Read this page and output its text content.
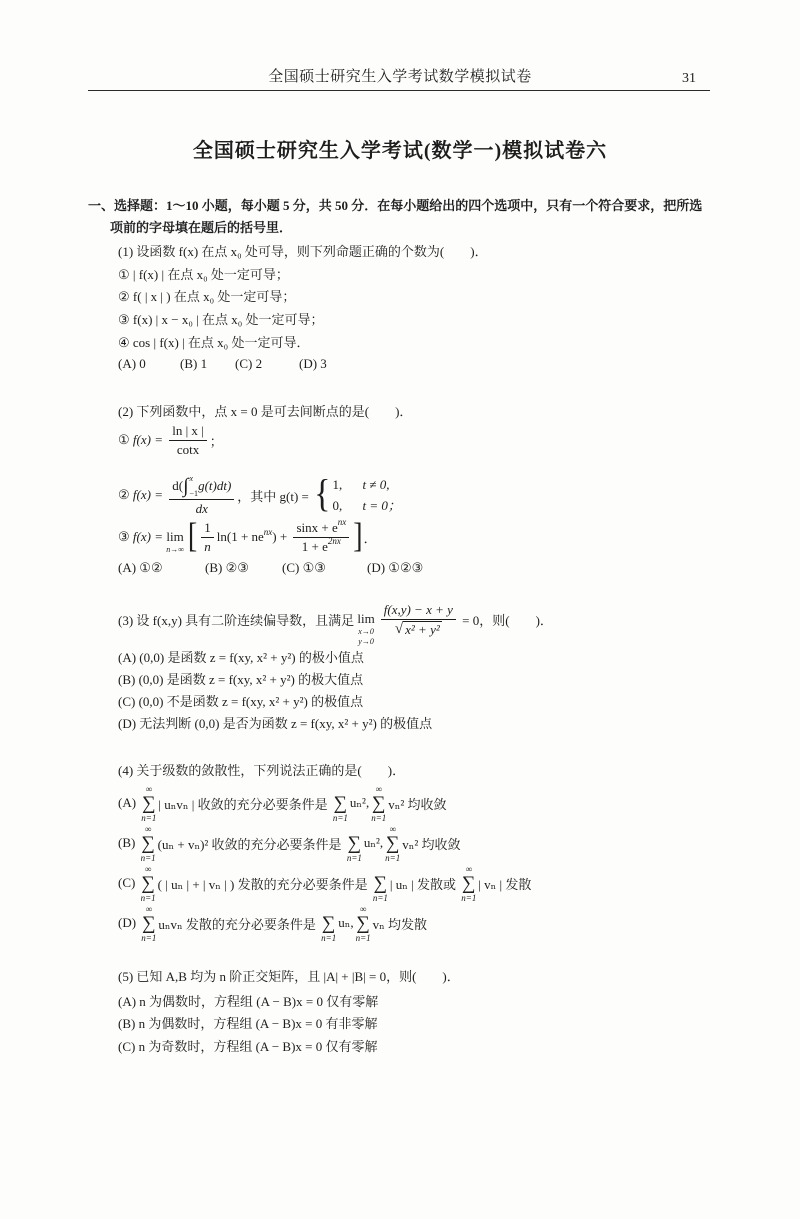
全国硕士研究生入学考试数学模拟试卷	31
全国硕士研究生入学考试(数学一)模拟试卷六
一、选择题：1～10 小题，每小题 5 分，共 50 分．在每小题给出的四个选项中，只有一个符合要求，把所选
项前的字母填在题后的括号里．
(1) 设函数 f(x) 在点 x₀ 处可导，则下列命题正确的个数为(　　)．
① | f(x) | 在点 x₀ 处一定可导；
② f( | x | ) 在点 x₀ 处一定可导；
③ f(x) | x − x₀ | 在点 x₀ 处一定可导；
④ cos | f(x) | 在点 x₀ 处一定可导．
(A) 0	(B) 1 (C) 2	(D) 3
(2) 下列函数中，点 x = 0 是可去间断点的是(　　)．
① $f(x) = \frac{\ln | x |}{\cot x}$ ；
② f(x) =
d( ∫ x
−1
g(t)dt)
dx
，其中 g(t) = { 1,	t ≠ 0,
0,	t = 0；
③ f(x) = lim
n→∞ [ $\frac{1}{n} \ln(1$ + ne nx ) + $\frac{\text{sinx + e nx}}{1 + e 2nx}$ ] ．
(A) ①②	(B) ②③	(C) ①③	(D) ①②③
(3) 设 f(x,y) 具有二阶连续偏导数，且满足 lim
x→0
y→0
$\frac{f(x,y) - x + y}{\text{√ x² + y²}} = 0$，则(　　)．
(A) (0,0) 是函数 z = f(xy, x² + y²) 的极小值点
(B) (0,0) 是函数 z = f(xy, x² + y²) 的极大值点
(C) (0,0) 不是函数 z = f(xy, x² + y²) 的极值点
(D) 无法判断 (0,0) 是否为函数 z = f(xy, x² + y²) 的极值点
(4) 关于级数的敛散性，下列说法正确的是(　　)．
(A)
∞
∑
n=1
| uₙvₙ | 收敛的充分必要条件是 ∑
n=1
uₙ²,
∞
∑
n=1
vₙ² 均收敛
(B)
∞
∑
n=1
(uₙ + vₙ)² 收敛的充分必要条件是 ∑
n=1
uₙ²,
∞
∑
n=1
vₙ² 均收敛
(C)
∞
∑
n=1
( | uₙ | + | vₙ | ) 发散的充分必要条件是 ∑
n=1
| uₙ | 发散或
∞
∑
n=1
| vₙ | 发散
(D)
∞
∑
n=1
uₙvₙ 发散的充分必要条件是 ∑
n=1
uₙ,
∞
∑
n=1
vₙ 均发散
(5) 已知 A,B 均为 n 阶正交矩阵，且 |A| + |B| = 0，则(　　)．
(A) n 为偶数时，方程组 (A − B)x = 0 仅有零解
(B) n 为偶数时，方程组 (A − B)x = 0 有非零解
(C) n 为奇数时，方程组 (A − B)x = 0 仅有零解
